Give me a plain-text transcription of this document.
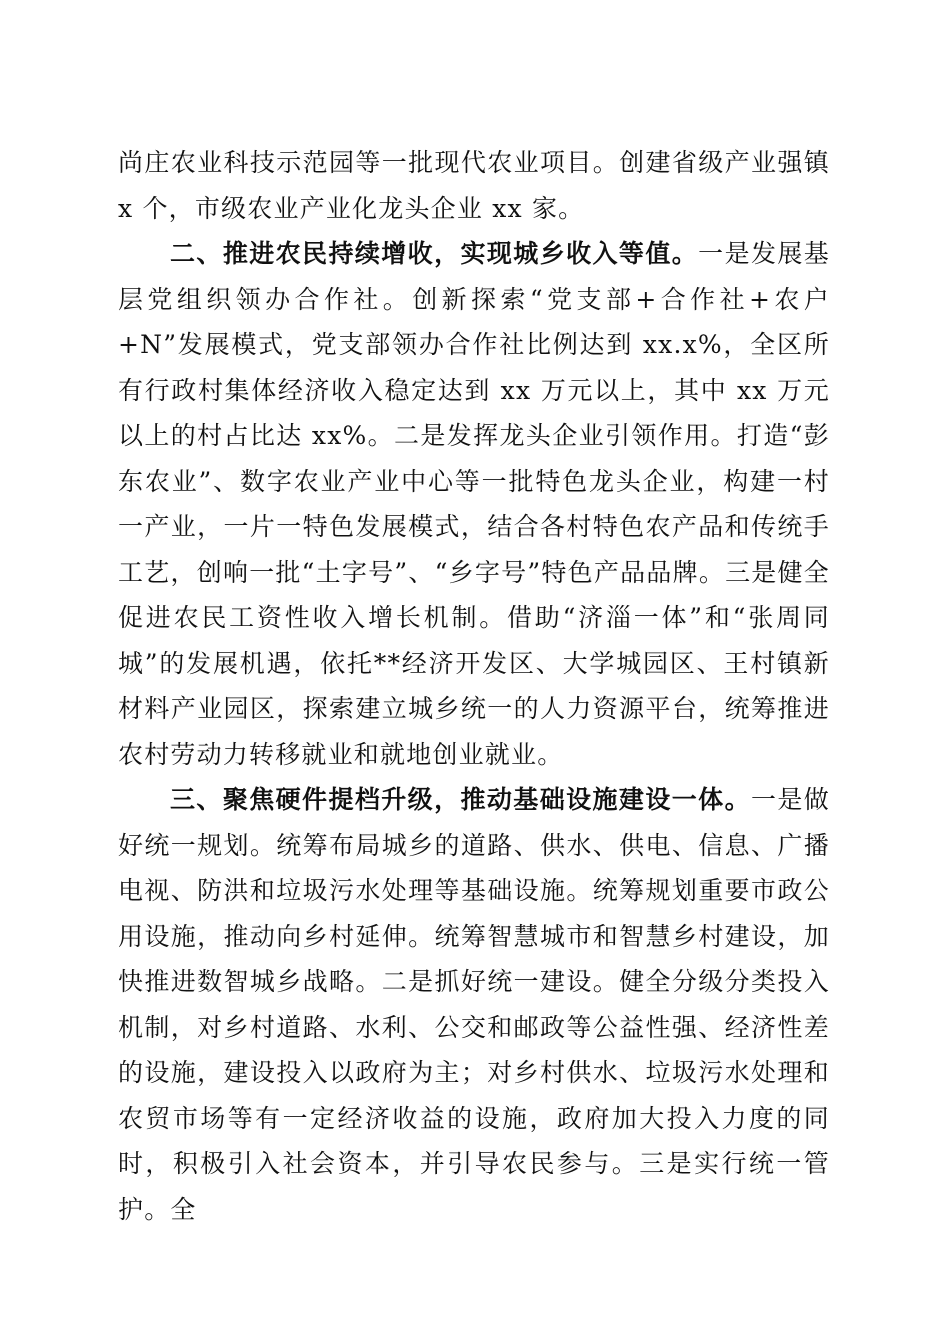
尚庄农业科技示范园等一批现代农业项目。创建省级产业强镇 x 个，市级农业产业化龙头企业 xx 家。

二、推进农民持续增收，实现城乡收入等值。一是发展基层党组织领办合作社。创新探索“党支部+合作社+农户+N”发展模式，党支部领办合作社比例达到 xx.x%，全区所有行政村集体经济收入稳定达到 xx 万元以上，其中 xx 万元以上的村占比达 xx%。二是发挥龙头企业引领作用。打造“彭东农业”、数字农业产业中心等一批特色龙头企业，构建一村一产业，一片一特色发展模式，结合各村特色农产品和传统手工艺，创响一批“土字号”、“乡字号”特色产品品牌。三是健全促进农民工资性收入增长机制。借助“济淄一体”和“张周同城”的发展机遇，依托**经济开发区、大学城园区、王村镇新材料产业园区，探索建立城乡统一的人力资源平台，统筹推进农村劳动力转移就业和就地创业就业。

三、聚焦硬件提档升级，推动基础设施建设一体。一是做好统一规划。统筹布局城乡的道路、供水、供电、信息、广播电视、防洪和垃圾污水处理等基础设施。统筹规划重要市政公用设施，推动向乡村延伸。统筹智慧城市和智慧乡村建设，加快推进数智城乡战略。二是抓好统一建设。健全分级分类投入机制，对乡村道路、水利、公交和邮政等公益性强、经济性差的设施，建设投入以政府为主；对乡村供水、垃圾污水处理和农贸市场等有一定经济收益的设施，政府加大投入力度的同时，积极引入社会资本，并引导农民参与。三是实行统一管护。全
